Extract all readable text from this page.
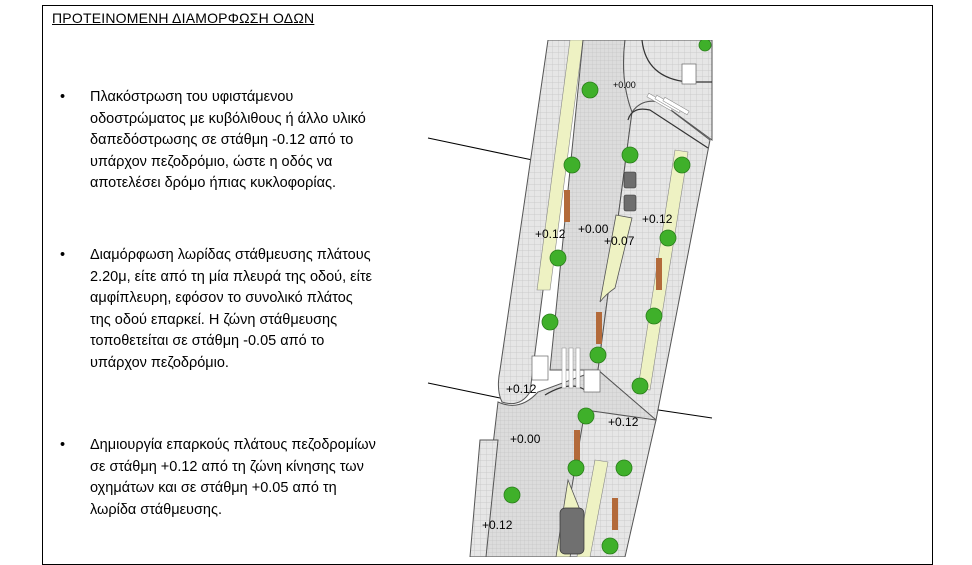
ΠΡΟΤΕΙΝΟΜΕΝΗ ΔΙΑΜΟΡΦΩΣΗ ΟΔΩΝ
• Πλακόστρωση του υφιστάμενου
οδοστρώματος με κυβόλιθους ή άλλο υλικό
δαπεδόστρωσης σε στάθμη -0.12 από το
υπάρχον πεζοδρόμιο, ώστε η οδός να
αποτελέσει δρόμο ήπιας κυκλοφορίας.
• Διαμόρφωση λωρίδας στάθμευσης πλάτους
2.20μ, είτε από τη μία πλευρά της οδού, είτε
αμφίπλευρη, εφόσον το συνολικό πλάτος
της οδού επαρκεί. Η ζώνη στάθμευσης
τοποθετείται σε στάθμη -0.05 από το
υπάρχον πεζοδρόμιο.
• Δημιουργία επαρκούς πλάτους πεζοδρομίων
σε στάθμη +0.12 από τη ζώνη κίνησης των
οχημάτων και σε στάθμη +0.05 από τη
λωρίδα στάθμευσης.
+0.00
+0.12 +0.00
+0.07
+0.12
+0.12
+0.00
+0.12
+0.12
